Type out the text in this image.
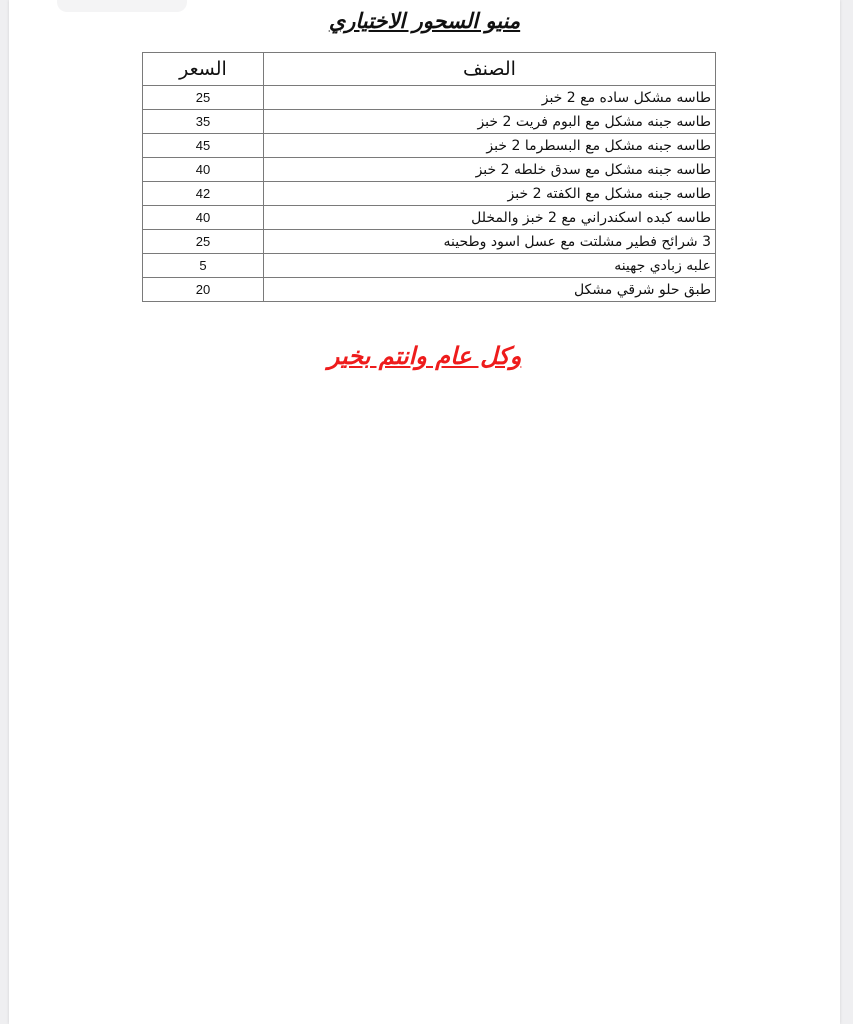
منيو السحور الاختياري
الصنف	السعر
طاسه مشكل ساده مع 2 خبز	25
طاسه جبنه مشكل مع البوم فريت 2 خبز	35
طاسه جبنه مشكل مع البسطرما 2 خبز	45
طاسه جبنه مشكل مع سدق خلطه 2 خبز	40
طاسه جبنه مشكل مع الكفته 2 خبز	42
طاسه كبده اسكندراني مع 2 خبز والمخلل	40
3 شرائح فطير مشلتت مع عسل اسود وطحينه	25
علبه زبادي جهينه	5
طبق حلو شرقي مشكل	20
وكل عام وانتم بخير
